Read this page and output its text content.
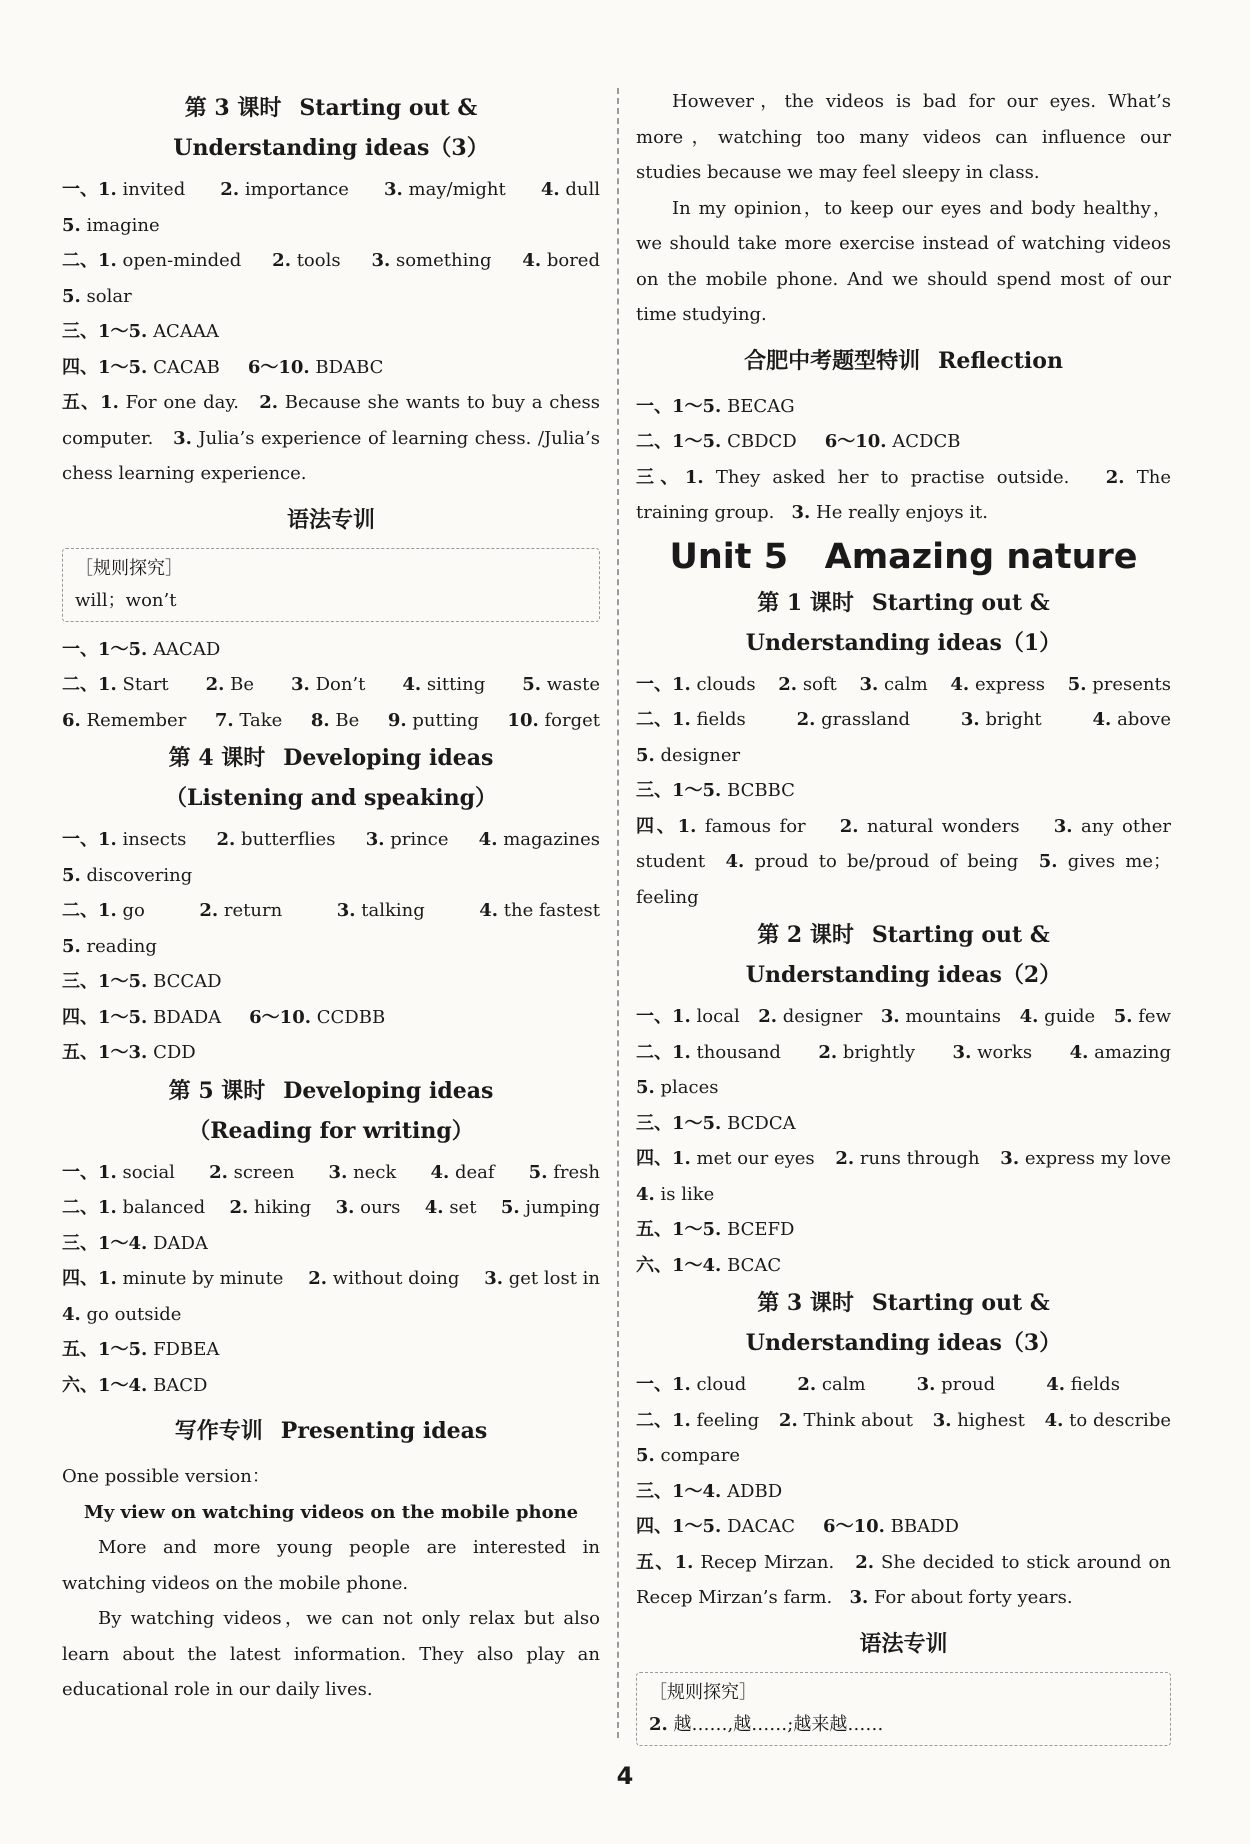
第 3 课时 Starting out &
Understanding ideas（3）
一、1. invited 2. importance 3. may/might 4. dull
5. imagine
二、1. open-minded 2. tools 3. something 4. bored
5. solar
三、1～5. ACAAA
四、1～5. CACAB 6～10. BDABC
五、1. For one day. 2. Because she wants to buy a chess computer. 3. Julia’s experience of learning chess. /Julia’s chess learning experience.
语法专训
［规则探究］
will；won’t
一、1～5. AACAD
二、1. Start 2. Be 3. Don’t 4. sitting 5. waste
6. Remember 7. Take 8. Be 9. putting 10. forget
第 4 课时 Developing ideas
（Listening and speaking）
一、1. insects 2. butterflies 3. prince 4. magazines
5. discovering
二、1. go	2. return	3. talking	4. the fastest
5. reading
三、1～5. BCCAD
四、1～5. BDADA 6～10. CCDBB
五、1～3. CDD
第 5 课时 Developing ideas
（Reading for writing）
一、1. social 2. screen 3. neck 4. deaf 5. fresh
二、1. balanced 2. hiking 3. ours 4. set 5. jumping
三、1～4. DADA
四、1. minute by minute 2. without doing 3. get lost in
4. go outside
五、1～5. FDBEA
六、1～4. BACD
写作专训 Presenting ideas
One possible version：
My view on watching videos on the mobile phone
More and more young people are interested in watching videos on the mobile phone.
By watching videos，we can not only relax but also learn about the latest information. They also play an educational role in our daily lives.
However，the videos is bad for our eyes. What’s more，watching too many videos can influence our studies because we may feel sleepy in class.
In my opinion，to keep our eyes and body healthy，we should take more exercise instead of watching videos on the mobile phone. And we should spend most of our time studying.
合肥中考题型特训 Reflection
一、1～5. BECAG
二、1～5. CBDCD 6～10. ACDCB
三、1. They asked her to practise outside. 2. The training group. 3. He really enjoys it.
Unit 5   Amazing nature
第 1 课时 Starting out &
Understanding ideas（1）
一、1. clouds 2. soft 3. calm 4. express 5. presents
二、1. fields	2. grassland	3. bright	4. above
5. designer
三、1～5. BCBBC
四、1. famous for 2. natural wonders 3. any other student 4. proud to be/proud of being 5. gives me；feeling
第 2 课时 Starting out &
Understanding ideas（2）
一、1. local 2. designer 3. mountains 4. guide 5. few
二、1. thousand 2. brightly 3. works 4. amazing
5. places
三、1～5. BCDCA
四、1. met our eyes 2. runs through 3. express my love
4. is like
五、1～5. BCEFD
六、1～4. BCAC
第 3 课时 Starting out &
Understanding ideas（3）
一、1. cloud	2. calm	3. proud	4. fields
二、1. feeling 2. Think about 3. highest 4. to describe
5. compare
三、1～4. ADBD
四、1～5. DACAC 6～10. BBADD
五、1. Recep Mirzan. 2. She decided to stick around on Recep Mirzan’s farm. 3. For about forty years.
语法专训
［规则探究］
2. 越……,越……;越来越……
4
